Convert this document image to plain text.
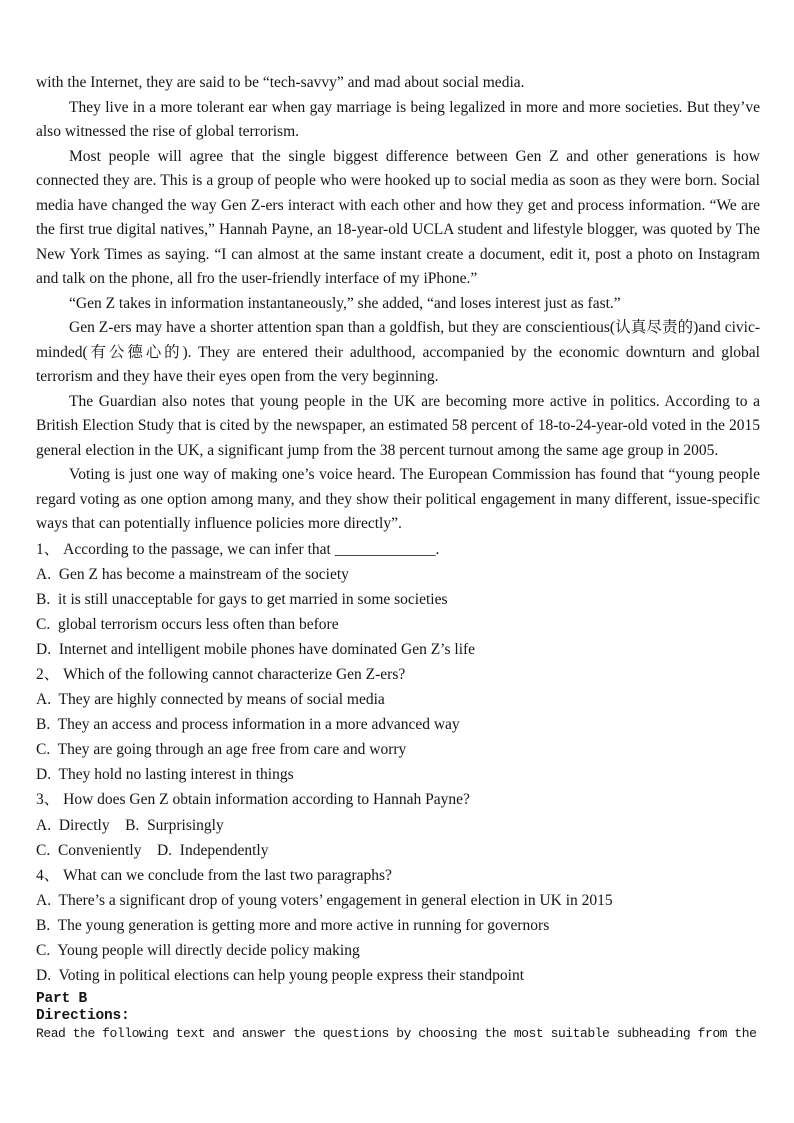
with the Internet, they are said to be “tech-savvy” and mad about social media.

They live in a more tolerant ear when gay marriage is being legalized in more and more societies. But they’ve also witnessed the rise of global terrorism.

Most people will agree that the single biggest difference between Gen Z and other generations is how connected they are. This is a group of people who were hooked up to social media as soon as they were born. Social media have changed the way Gen Z-ers interact with each other and how they get and process information. “We are the first true digital natives,” Hannah Payne, an 18-year-old UCLA student and lifestyle blogger, was quoted by The New York Times as saying. “I can almost at the same instant create a document, edit it, post a photo on Instagram and talk on the phone, all fro the user-friendly interface of my iPhone.”

“Gen Z takes in information instantaneously,” she added, “and loses interest just as fast.”

Gen Z-ers may have a shorter attention span than a goldfish, but they are conscientious(认真尽责的)and civic-minded(有公德心的). They are entered their adulthood, accompanied by the economic downturn and global terrorism and they have their eyes open from the very beginning.

The Guardian also notes that young people in the UK are becoming more active in politics. According to a British Election Study that is cited by the newspaper, an estimated 58 percent of 18-to-24-year-old voted in the 2015 general election in the UK, a significant jump from the 38 percent turnout among the same age group in 2005.

Voting is just one way of making one’s voice heard. The European Commission has found that “young people regard voting as one option among many, and they show their political engagement in many different, issue-specific ways that can potentially influence policies more directly”.

1、 According to the passage, we can infer that _____________.

A.  Gen Z has become a mainstream of the society

B.  it is still unacceptable for gays to get married in some societies

C.  global terrorism occurs less often than before

D.  Internet and intelligent mobile phones have dominated Gen Z’s life

2、 Which of the following cannot characterize Gen Z-ers?

A.  They are highly connected by means of social media

B.  They an access and process information in a more advanced way

C.  They are going through an age free from care and worry

D.  They hold no lasting interest in things

3、 How does Gen Z obtain information according to Hannah Payne?

A.  Directly    B.  Surprisingly

C.  Conveniently    D.  Independently

4、 What can we conclude from the last two paragraphs?

A.  There’s a significant drop of young voters’ engagement in general election in UK in 2015

B.  The young generation is getting more and more active in running for governors

C.  Young people will directly decide policy making

D.  Voting in political elections can help young people express their standpoint

Part B

Directions:

Read the following text and answer the questions by choosing the most suitable subheading from the
